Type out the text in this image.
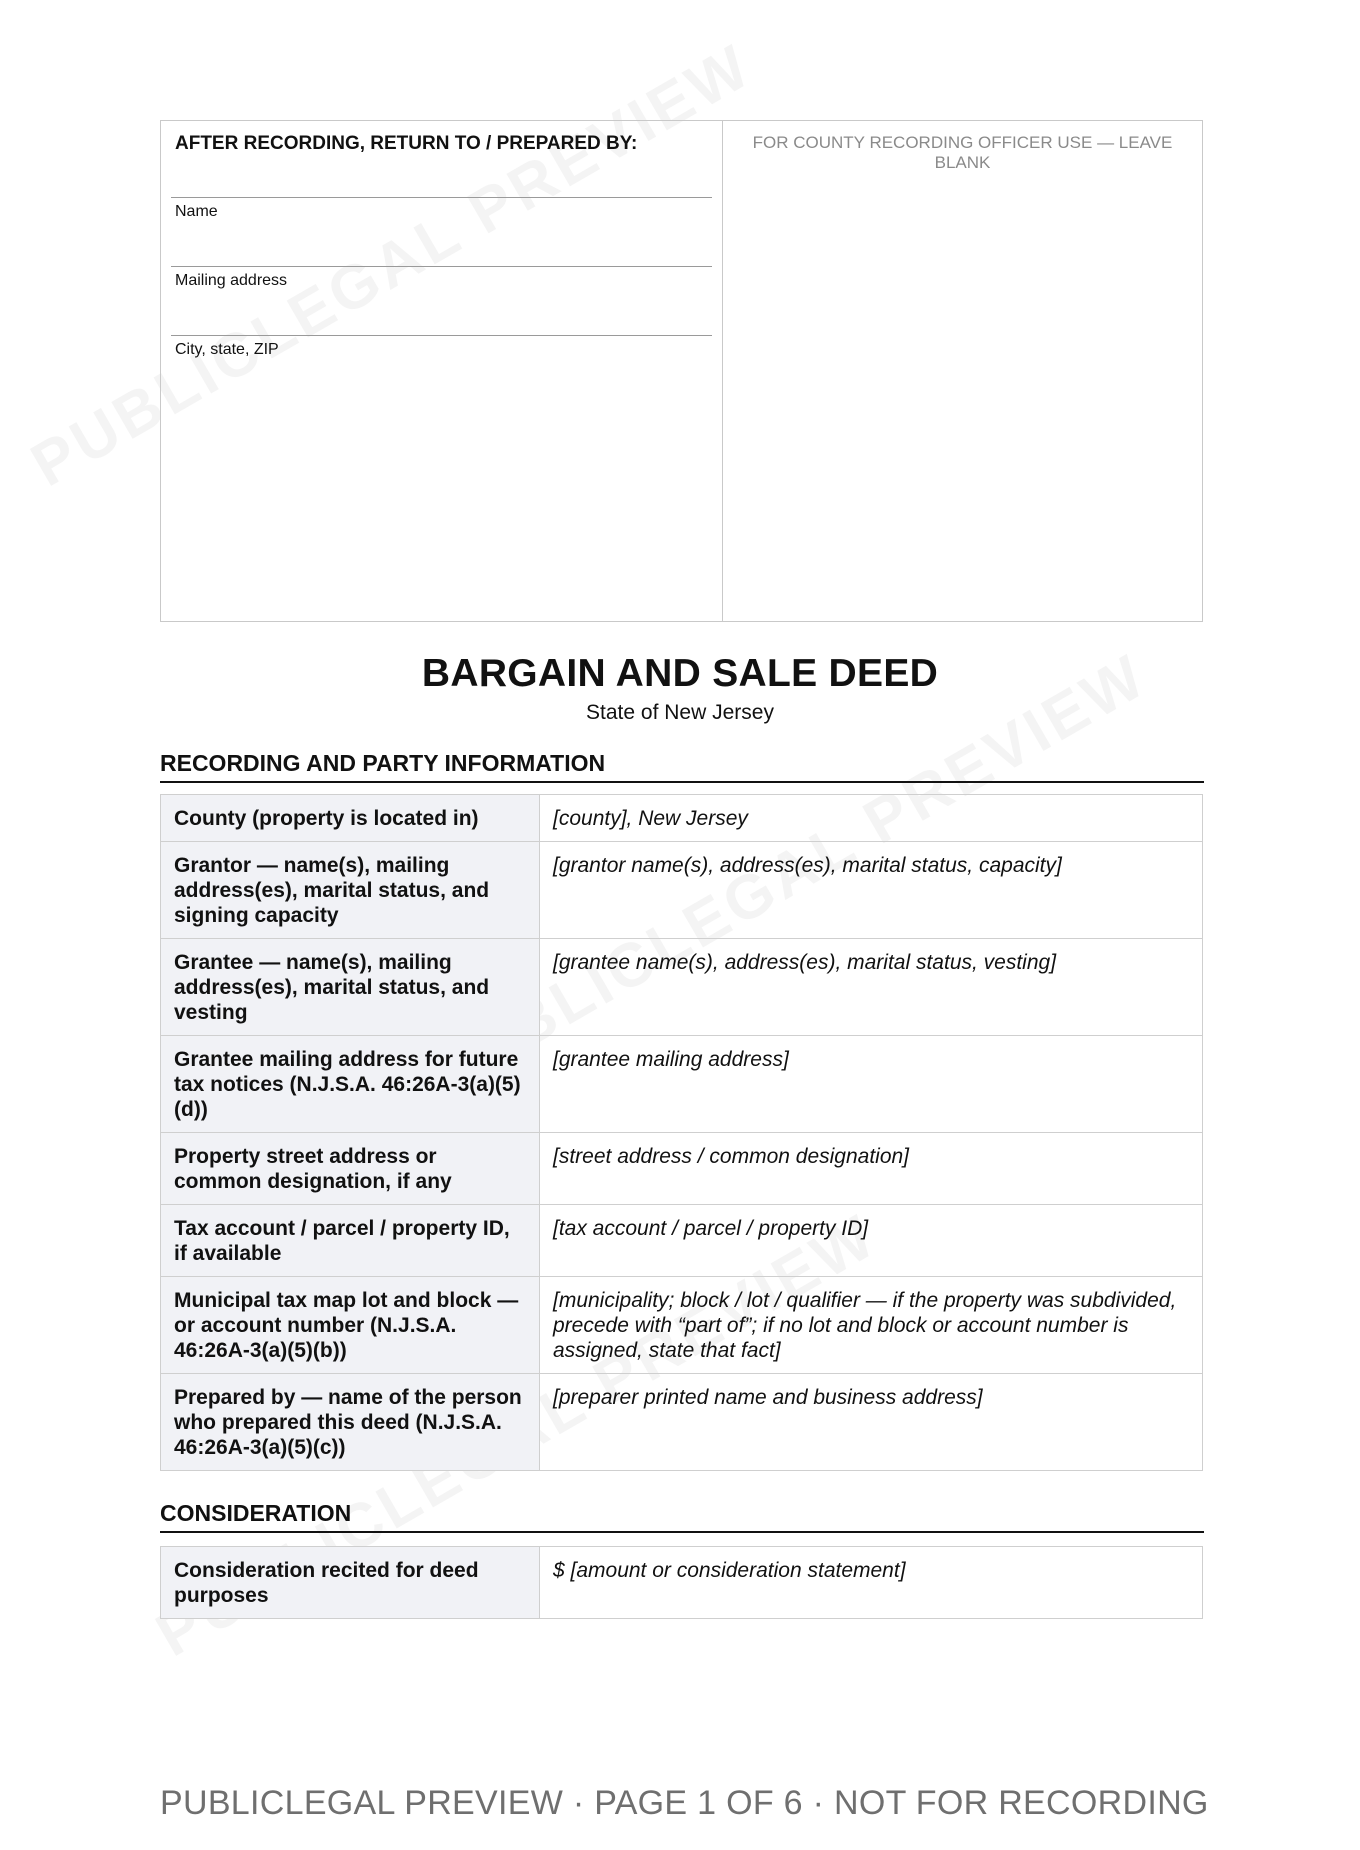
AFTER RECORDING, RETURN TO / PREPARED BY:
Name
Mailing address
City, state, ZIP
FOR COUNTY RECORDING OFFICER USE — LEAVE BLANK
BARGAIN AND SALE DEED
State of New Jersey
RECORDING AND PARTY INFORMATION
County (property is located in)	[county], New Jersey
Grantor — name(s), mailing address(es), marital status, and signing capacity	[grantor name(s), address(es), marital status, capacity]
Grantee — name(s), mailing address(es), marital status, and vesting	[grantee name(s), address(es), marital status, vesting]
Grantee mailing address for future tax notices (N.J.S.A. 46:26A-3(a)(5)(d))	[grantee mailing address]
Property street address or common designation, if any	[street address / common designation]
Tax account / parcel / property ID, if available	[tax account / parcel / property ID]
Municipal tax map lot and block — or account number (N.J.S.A. 46:26A-3(a)(5)(b))	[municipality; block / lot / qualifier — if the property was subdivided, precede with “part of”; if no lot and block or account number is assigned, state that fact]
Prepared by — name of the person who prepared this deed (N.J.S.A. 46:26A-3(a)(5)(c))	[preparer printed name and business address]
CONSIDERATION
Consideration recited for deed purposes	$ [amount or consideration statement]
PUBLICLEGAL PREVIEW · PAGE 1 OF 6 · NOT FOR RECORDING
